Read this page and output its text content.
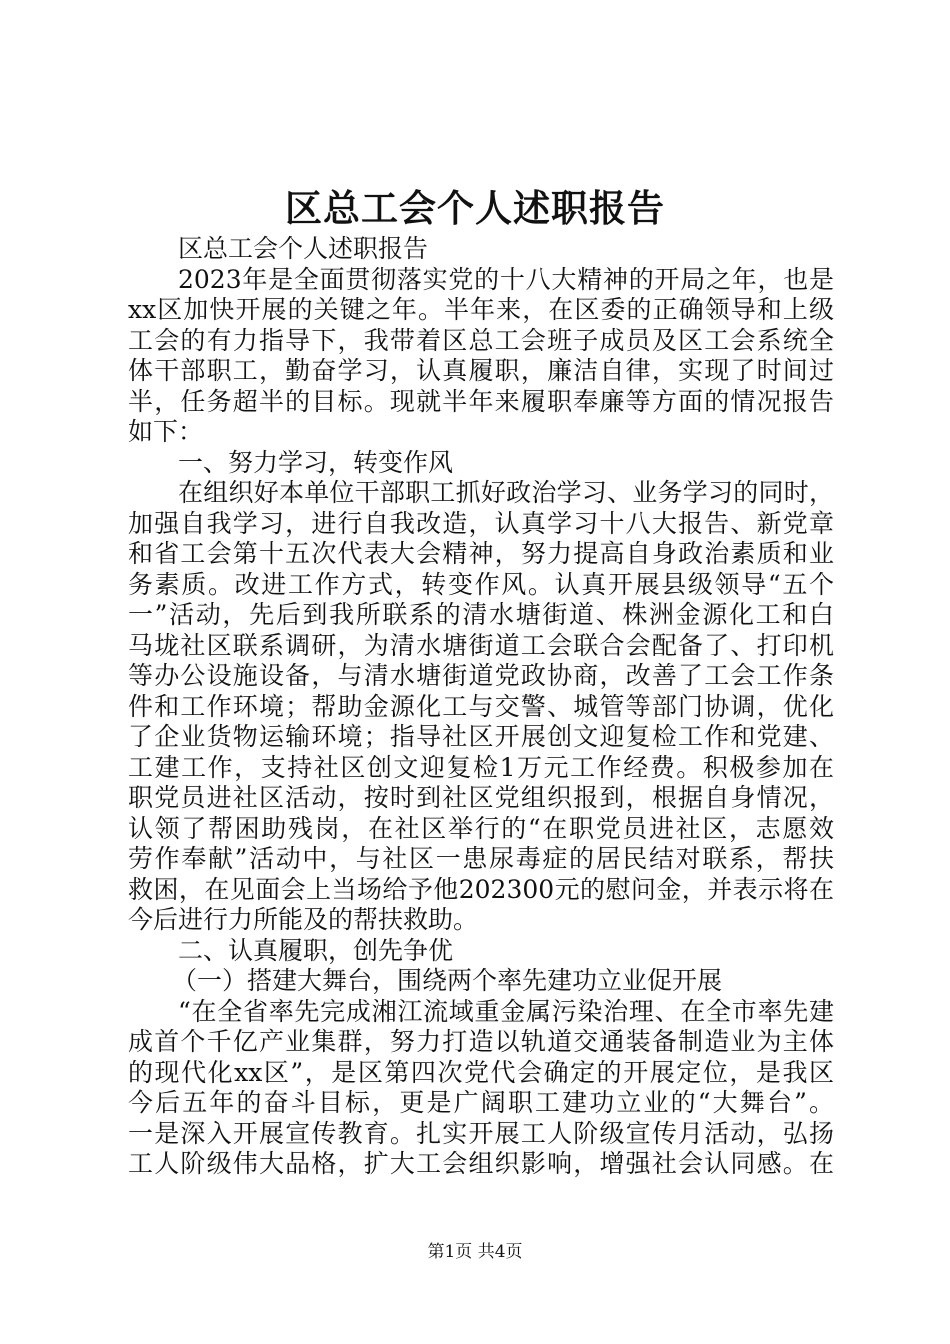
区总工会个人述职报告
区总工会个人述职报告
2023年是全面贯彻落实党的十八大精神的开局之年，也是
xx区加快开展的关键之年。半年来，在区委的正确领导和上级
工会的有力指导下，我带着区总工会班子成员及区工会系统全
体干部职工，勤奋学习，认真履职，廉洁自律，实现了时间过
半，任务超半的目标。现就半年来履职奉廉等方面的情况报告
如下：
一、努力学习，转变作风
在组织好本单位干部职工抓好政治学习、业务学习的同时，
加强自我学习，进行自我改造，认真学习十八大报告、新党章
和省工会第十五次代表大会精神，努力提高自身政治素质和业
务素质。改进工作方式，转变作风。认真开展县级领导“五个
一”活动，先后到我所联系的清水塘街道、株洲金源化工和白
马垅社区联系调研，为清水塘街道工会联合会配备了、打印机
等办公设施设备，与清水塘街道党政协商，改善了工会工作条
件和工作环境；帮助金源化工与交警、城管等部门协调，优化
了企业货物运输环境；指导社区开展创文迎复检工作和党建、
工建工作，支持社区创文迎复检1万元工作经费。积极参加在
职党员进社区活动，按时到社区党组织报到，根据自身情况，
认领了帮困助残岗，在社区举行的“在职党员进社区，志愿效
劳作奉献”活动中，与社区一患尿毒症的居民结对联系，帮扶
救困，在见面会上当场给予他202300元的慰问金，并表示将在
今后进行力所能及的帮扶救助。
二、认真履职，创先争优
（一）搭建大舞台，围绕两个率先建功立业促开展
“在全省率先完成湘江流域重金属污染治理、在全市率先建
成首个千亿产业集群，努力打造以轨道交通装备制造业为主体
的现代化xx区”，是区第四次党代会确定的开展定位，是我区
今后五年的奋斗目标，更是广阔职工建功立业的“大舞台”。
一是深入开展宣传教育。扎实开展工人阶级宣传月活动，弘扬
工人阶级伟大品格，扩大工会组织影响，增强社会认同感。在
第1页 共4页
